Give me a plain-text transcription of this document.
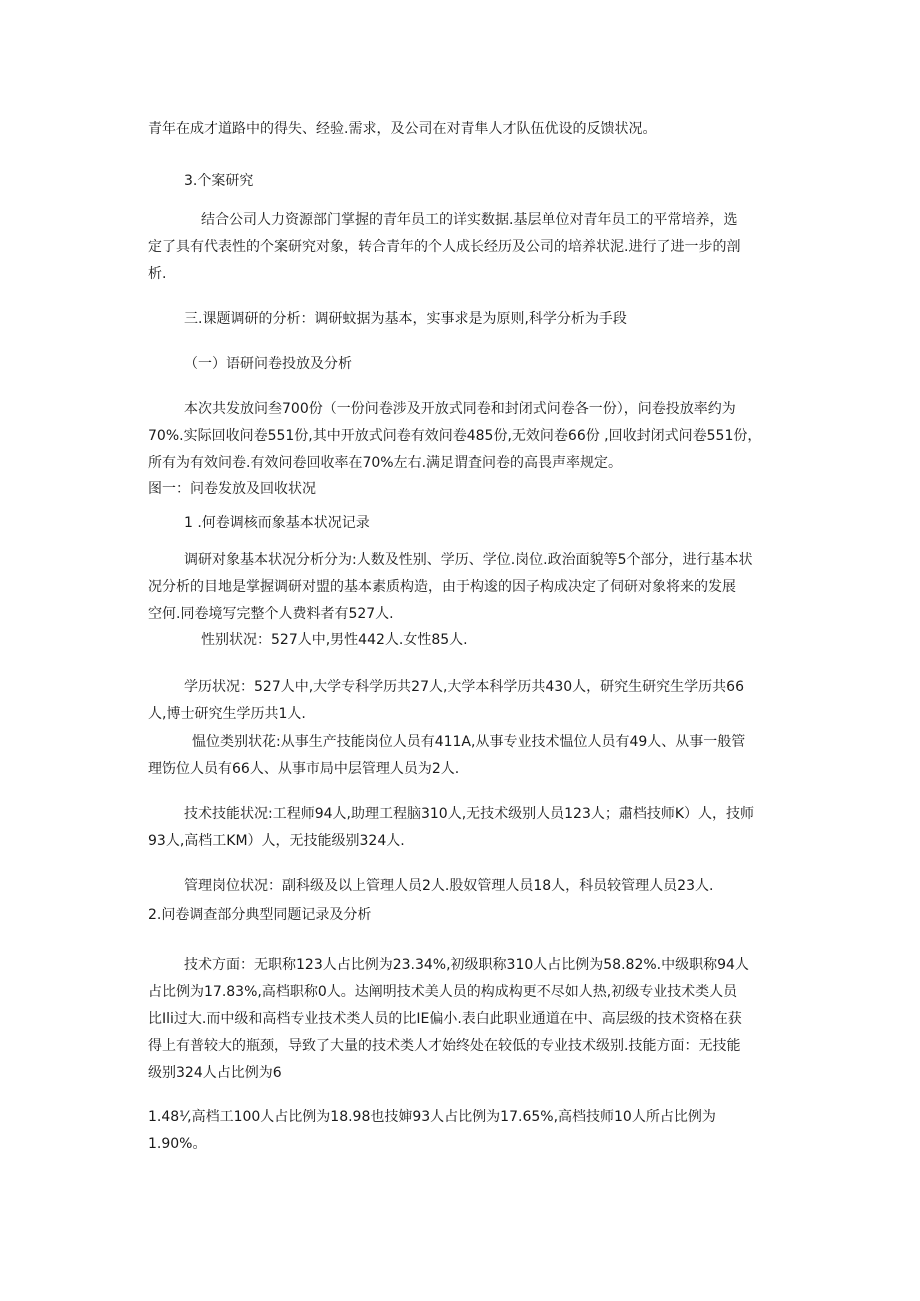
青年在成才道路中的得失、经验.需求，及公司在对青隼人才队伍优设的反馈状况。

3.个案研究

结合公司人力资源部门掌握的青年员工的详实数据.基层单位对青年员工的平常培养，选

定了具有代表性的个案研究对象，转合青年的个人成长经历及公司的培养状泥.进行了进一步的剖

析.

三.课题调研的分析：调研蚊据为基本，实事求是为原则,科学分析为手段

（一）语研问卷投放及分析

本次共发放问叁700份（一份问卷涉及开放式同卷和封闭式问卷各一份），问卷投放率约为

70%.实际回收问卷551份,其中开放式问卷有效问卷485份,无效问卷66份 ,回收封闭式问卷551份，

所有为有效问卷.有效问卷回收率在70%左右.满足谓査问卷的高畏声率规定。

图一：问卷发放及回收状况

1 .何卷调核而象基本状况记录

调研对象基本状况分析分为:人数及性别、学历、学位.岗位.政治面貌等5个部分，进行基本状

况分析的目地是掌握调研对盟的基本素质构造，由于构逡的因子构成决定了伺研对象将来的发展

空何.同卷境写完整个人费料者有527人.

性别状况：527人中,男性442人.女性85人.

学历状况：527人中,大学专科学历共27人,大学本科学历共430人，研究生研究生学历共66

人,博士研究生学历共1人.

愠位类别状花:从事生产技能岗位人员有411A,从事专业技术愠位人员有49人、从事一般管

理饬位人员有66人、从事市局中层管理人员为2人.

技术技能状况:工程师94人,助理工程脑310人,无技术级别人员123人；肅档技师K）人，技师

93人,高档工KM）人，无技能级别324人.

管理岗位状况：副科级及以上管理人员2人.股奴管理人员18人，科员较管理人员23人.

2.问卷调查部分典型同题记录及分析

技术方面：无职称123人占比例为23.34%,初级职称310人占比例为58.82%.中级职称94人

占比例为17.83%,高档职称0人。达阐明技术美人员的构成构更不尽如人热,初级专业技术类人员

比Ili过大.而中级和高档专业技术类人员的比IE偏小.表白此职业通道在中、高层级的技术资格在获

得上有普较大的瓶颈，导致了大量的技术类人才始终处在较低的专业技术级别.技能方面：无技能

级别324人占比例为6

1.48⅟,高档工100人占比例为18.98也技婶93人占比例为17.65%,高档技师10人所占比例为

1.90%。
